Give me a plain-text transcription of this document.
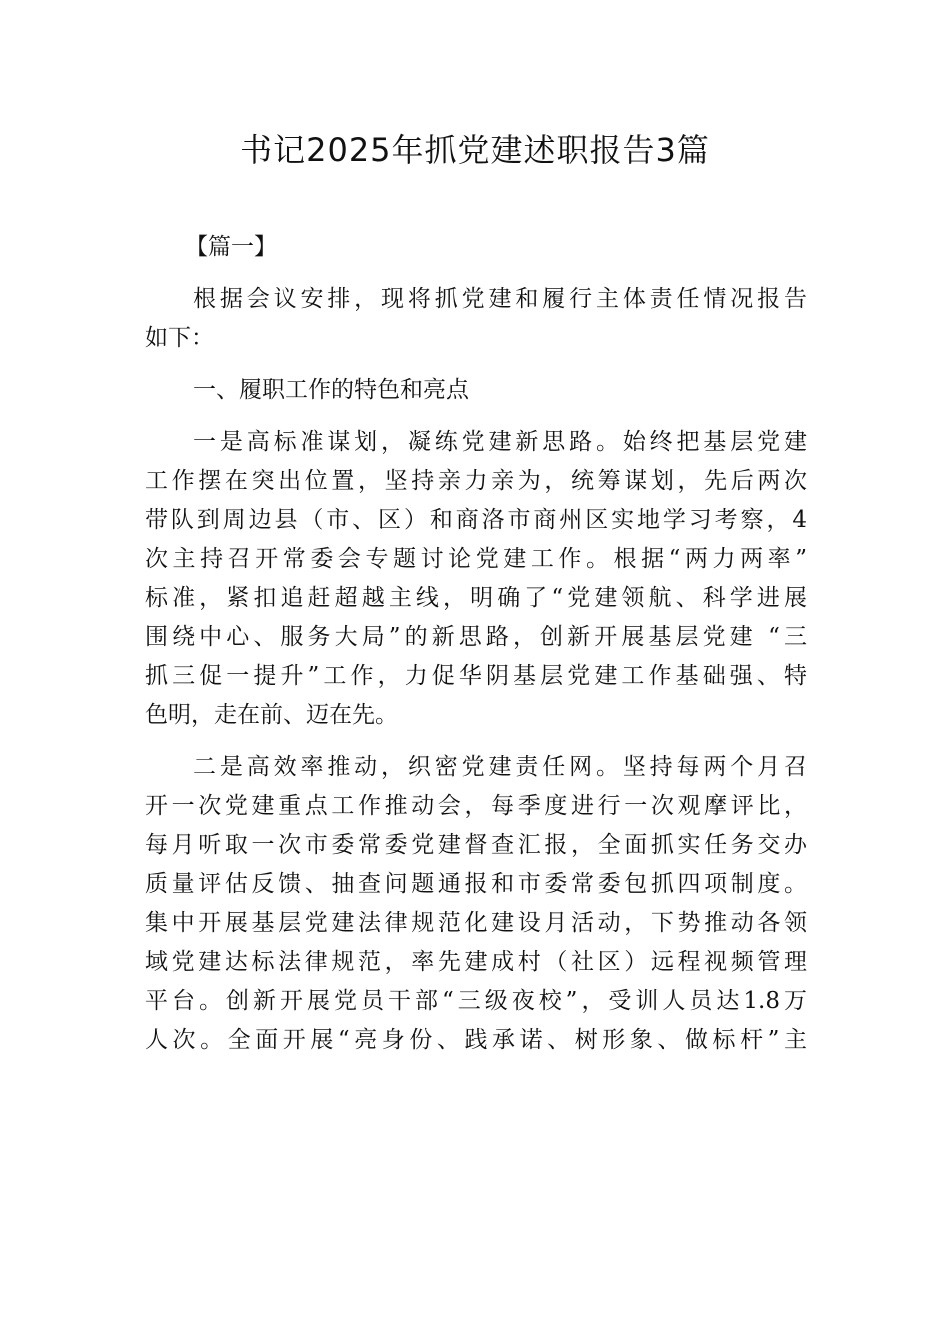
书记2025年抓党建述职报告3篇
【篇一】
根据会议安排，现将抓党建和履行主体责任情况报告
如下：
一、履职工作的特色和亮点
一是高标准谋划，凝练党建新思路。始终把基层党建
工作摆在突出位置，坚持亲力亲为，统筹谋划，先后两次
带队到周边县（市、区）和商洛市商州区实地学习考察，4
次主持召开常委会专题讨论党建工作。根据“两力两率”
标准，紧扣追赶超越主线，明确了“党建领航、科学进展
围绕中心、服务大局”的新思路，创新开展基层党建 “三
抓三促一提升”工作，力促华阴基层党建工作基础强、特
色明，走在前、迈在先。
二是高效率推动，织密党建责任网。坚持每两个月召
开一次党建重点工作推动会，每季度进行一次观摩评比，
每月听取一次市委常委党建督查汇报，全面抓实任务交办
质量评估反馈、抽查问题通报和市委常委包抓四项制度。
集中开展基层党建法律规范化建设月活动，下势推动各领
域党建达标法律规范，率先建成村（社区）远程视频管理
平台。创新开展党员干部“三级夜校”，受训人员达1.8万
人次。全面开展“亮身份、践承诺、树形象、做标杆”主
